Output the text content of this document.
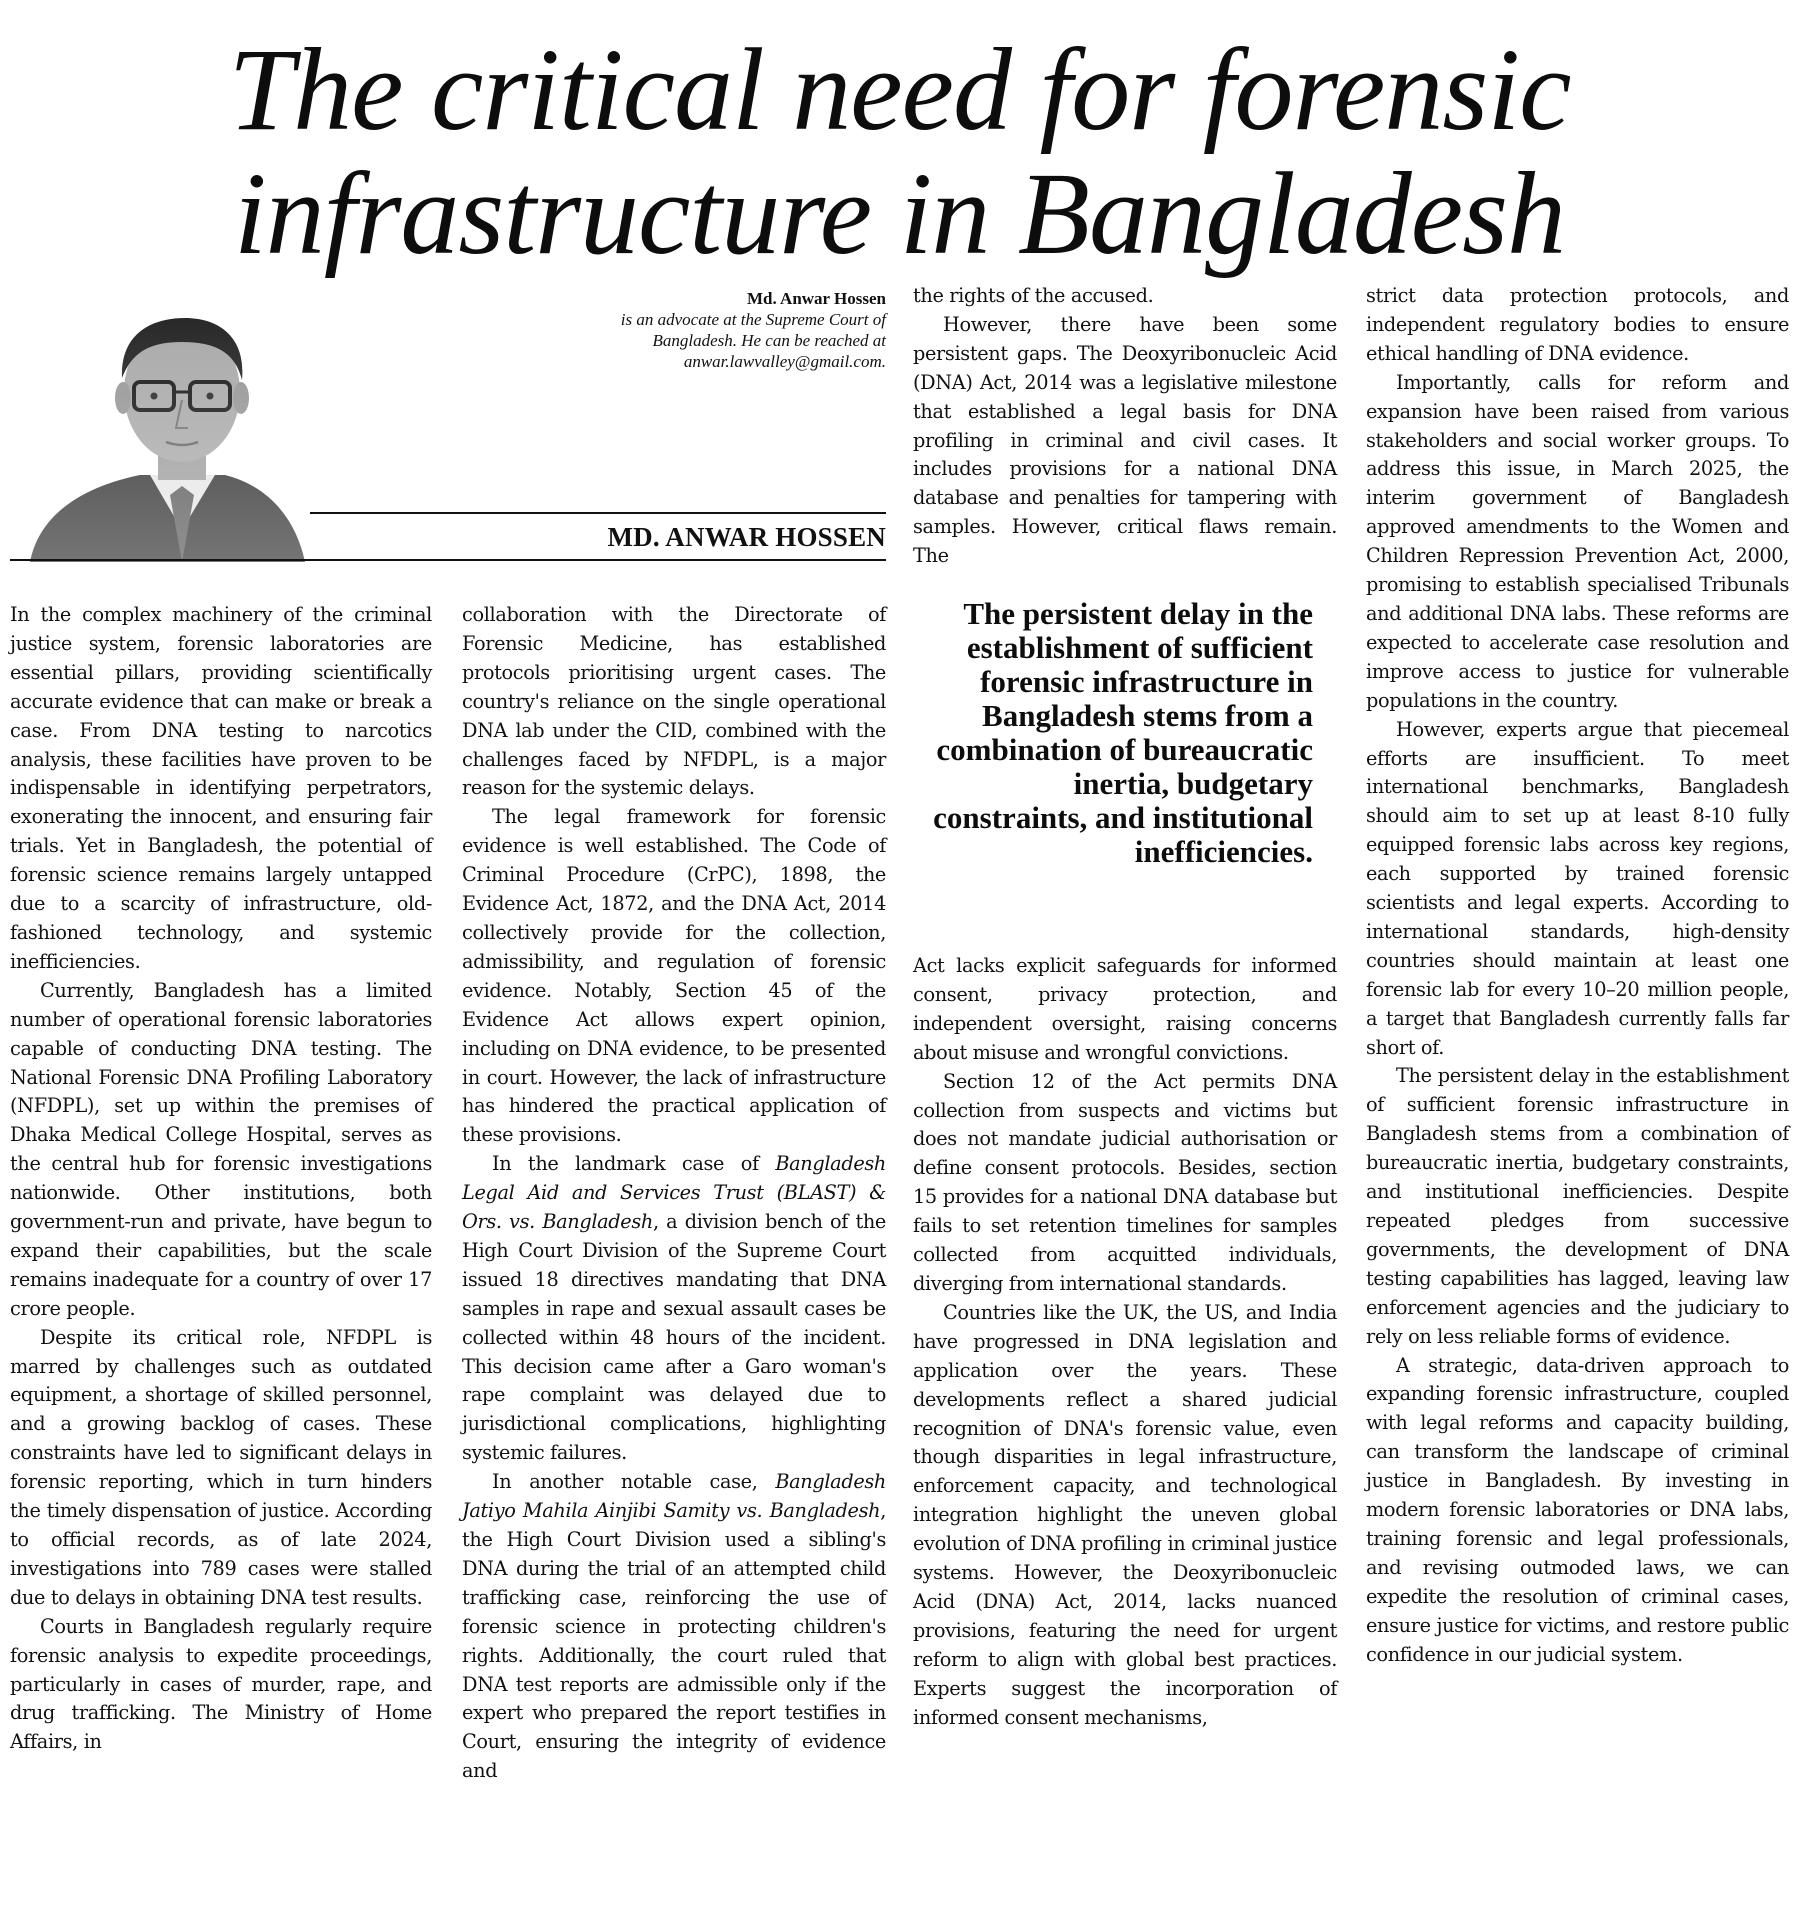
The critical need for forensic
infrastructure in Bangladesh
Md. Anwar Hossen
is an advocate at the Supreme Court of
Bangladesh. He can be reached at
anwar.lawvalley@gmail.com.
MD. ANWAR HOSSEN

In the complex machinery of the criminal justice system, forensic laboratories are essential pillars, providing scientifically accurate evidence that can make or break a case. From DNA testing to narcotics analysis, these facilities have proven to be indispensable in identifying perpetrators, exonerating the innocent, and ensuring fair trials. Yet in Bangladesh, the potential of forensic science remains largely untapped due to a scarcity of infrastructure, old-fashioned technology, and systemic inefficiencies.

Currently, Bangladesh has a limited number of operational forensic laboratories capable of conducting DNA testing. The National Forensic DNA Profiling Laboratory (NFDPL), set up within the premises of Dhaka Medical College Hospital, serves as the central hub for forensic investigations nationwide. Other institutions, both government-run and private, have begun to expand their capabilities, but the scale remains inadequate for a country of over 17 crore people.

Despite its critical role, NFDPL is marred by challenges such as outdated equipment, a shortage of skilled personnel, and a growing backlog of cases. These constraints have led to significant delays in forensic reporting, which in turn hinders the timely dispensation of justice. According to official records, as of late 2024, investigations into 789 cases were stalled due to delays in obtaining DNA test results.

Courts in Bangladesh regularly require forensic analysis to expedite proceedings, particularly in cases of murder, rape, and drug trafficking. The Ministry of Home Affairs, in

collaboration with the Directorate of Forensic Medicine, has established protocols prioritising urgent cases. The country's reliance on the single operational DNA lab under the CID, combined with the challenges faced by NFDPL, is a major reason for the systemic delays.

The legal framework for forensic evidence is well established. The Code of Criminal Procedure (CrPC), 1898, the Evidence Act, 1872, and the DNA Act, 2014 collectively provide for the collection, admissibility, and regulation of forensic evidence. Notably, Section 45 of the Evidence Act allows expert opinion, including on DNA evidence, to be presented in court. However, the lack of infrastructure has hindered the practical application of these provisions.

In the landmark case of Bangladesh Legal Aid and Services Trust (BLAST) & Ors. vs. Bangladesh, a division bench of the High Court Division of the Supreme Court issued 18 directives mandating that DNA samples in rape and sexual assault cases be collected within 48 hours of the incident. This decision came after a Garo woman's rape complaint was delayed due to jurisdictional complications, highlighting systemic failures.

In another notable case, Bangladesh Jatiyo Mahila Ainjibi Samity vs. Bangladesh, the High Court Division used a sibling's DNA during the trial of an attempted child trafficking case, reinforcing the use of forensic science in protecting children's rights. Additionally, the court ruled that DNA test reports are admissible only if the expert who prepared the report testifies in Court, ensuring the integrity of evidence and

the rights of the accused.

However, there have been some persistent gaps. The Deoxyribonucleic Acid (DNA) Act, 2014 was a legislative milestone that established a legal basis for DNA profiling in criminal and civil cases. It includes provisions for a national DNA database and penalties for tampering with samples. However, critical flaws remain. The

The persistent delay in the establishment of sufficient forensic infrastructure in Bangladesh stems from a combination of bureaucratic inertia, budgetary constraints, and institutional inefficiencies.

Act lacks explicit safeguards for informed consent, privacy protection, and independent oversight, raising concerns about misuse and wrongful convictions.

Section 12 of the Act permits DNA collection from suspects and victims but does not mandate judicial authorisation or define consent protocols. Besides, section 15 provides for a national DNA database but fails to set retention timelines for samples collected from acquitted individuals, diverging from international standards.

Countries like the UK, the US, and India have progressed in DNA legislation and application over the years. These developments reflect a shared judicial recognition of DNA's forensic value, even though disparities in legal infrastructure, enforcement capacity, and technological integration highlight the uneven global evolution of DNA profiling in criminal justice systems. However, the Deoxyribonucleic Acid (DNA) Act, 2014, lacks nuanced provisions, featuring the need for urgent reform to align with global best practices. Experts suggest the incorporation of informed consent mechanisms,

strict data protection protocols, and independent regulatory bodies to ensure ethical handling of DNA evidence.

Importantly, calls for reform and expansion have been raised from various stakeholders and social worker groups. To address this issue, in March 2025, the interim government of Bangladesh approved amendments to the Women and Children Repression Prevention Act, 2000, promising to establish specialised Tribunals and additional DNA labs. These reforms are expected to accelerate case resolution and improve access to justice for vulnerable populations in the country.

However, experts argue that piecemeal efforts are insufficient. To meet international benchmarks, Bangladesh should aim to set up at least 8-10 fully equipped forensic labs across key regions, each supported by trained forensic scientists and legal experts. According to international standards, high-density countries should maintain at least one forensic lab for every 10–20 million people, a target that Bangladesh currently falls far short of.

The persistent delay in the establishment of sufficient forensic infrastructure in Bangladesh stems from a combination of bureaucratic inertia, budgetary constraints, and institutional inefficiencies. Despite repeated pledges from successive governments, the development of DNA testing capabilities has lagged, leaving law enforcement agencies and the judiciary to rely on less reliable forms of evidence.

A strategic, data-driven approach to expanding forensic infrastructure, coupled with legal reforms and capacity building, can transform the landscape of criminal justice in Bangladesh. By investing in modern forensic laboratories or DNA labs, training forensic and legal professionals, and revising outmoded laws, we can expedite the resolution of criminal cases, ensure justice for victims, and restore public confidence in our judicial system.
